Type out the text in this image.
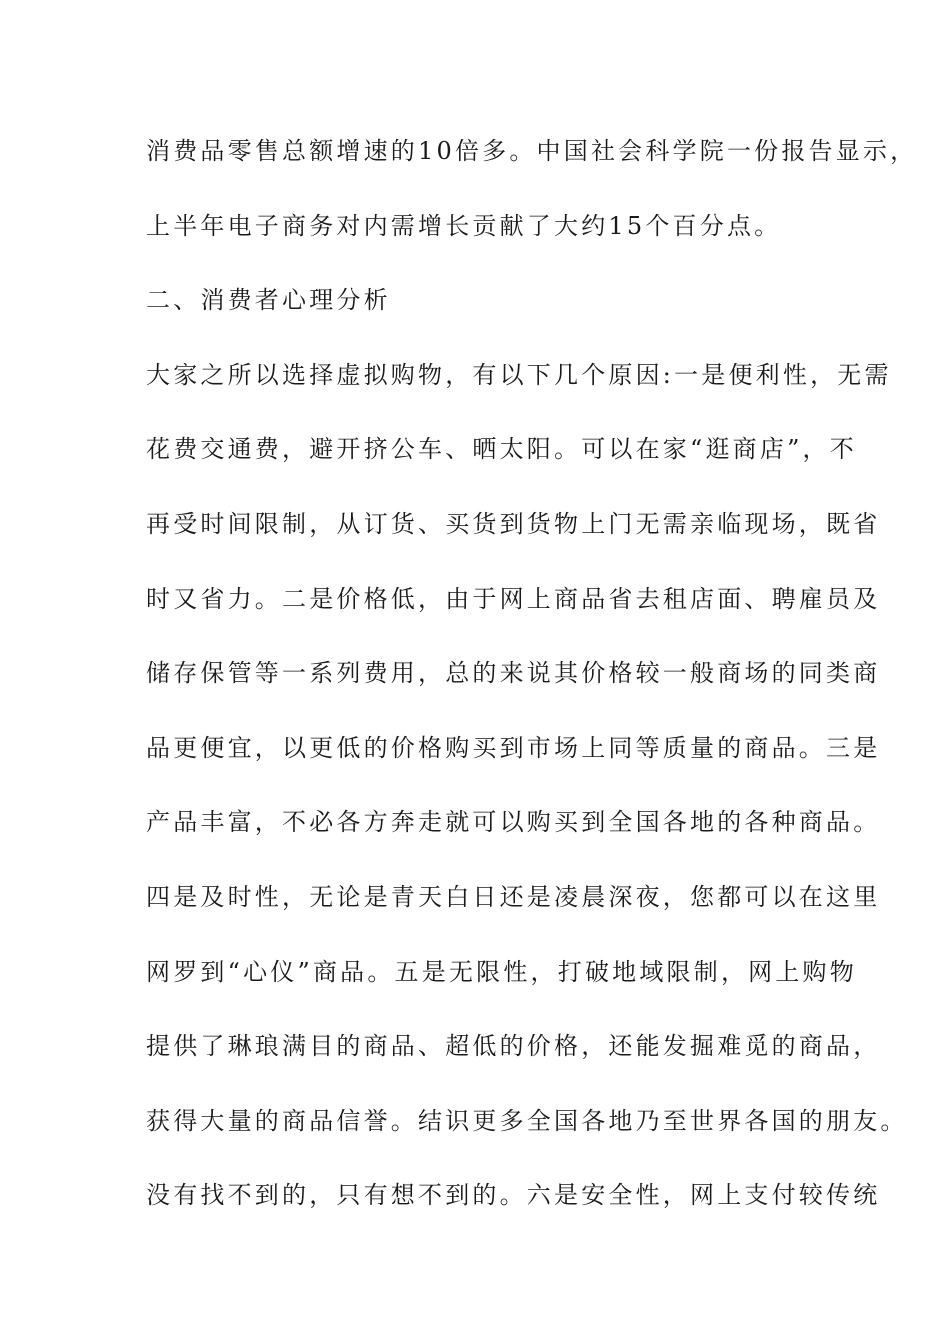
消费品零售总额增速的10倍多。中国社会科学院一份报告显示，
上半年电子商务对内需增长贡献了大约15个百分点。
二、消费者心理分析
大家之所以选择虚拟购物，有以下几个原因:一是便利性，无需
花费交通费，避开挤公车、晒太阳。可以在家“逛商店”，不
再受时间限制，从订货、买货到货物上门无需亲临现场，既省
时又省力。二是价格低，由于网上商品省去租店面、聘雇员及
储存保管等一系列费用，总的来说其价格较一般商场的同类商
品更便宜，以更低的价格购买到市场上同等质量的商品。三是
产品丰富，不必各方奔走就可以购买到全国各地的各种商品。
四是及时性，无论是青天白日还是凌晨深夜，您都可以在这里
网罗到“心仪”商品。五是无限性，打破地域限制，网上购物
提供了琳琅满目的商品、超低的价格，还能发掘难觅的商品，
获得大量的商品信誉。结识更多全国各地乃至世界各国的朋友。
没有找不到的，只有想不到的。六是安全性，网上支付较传统
